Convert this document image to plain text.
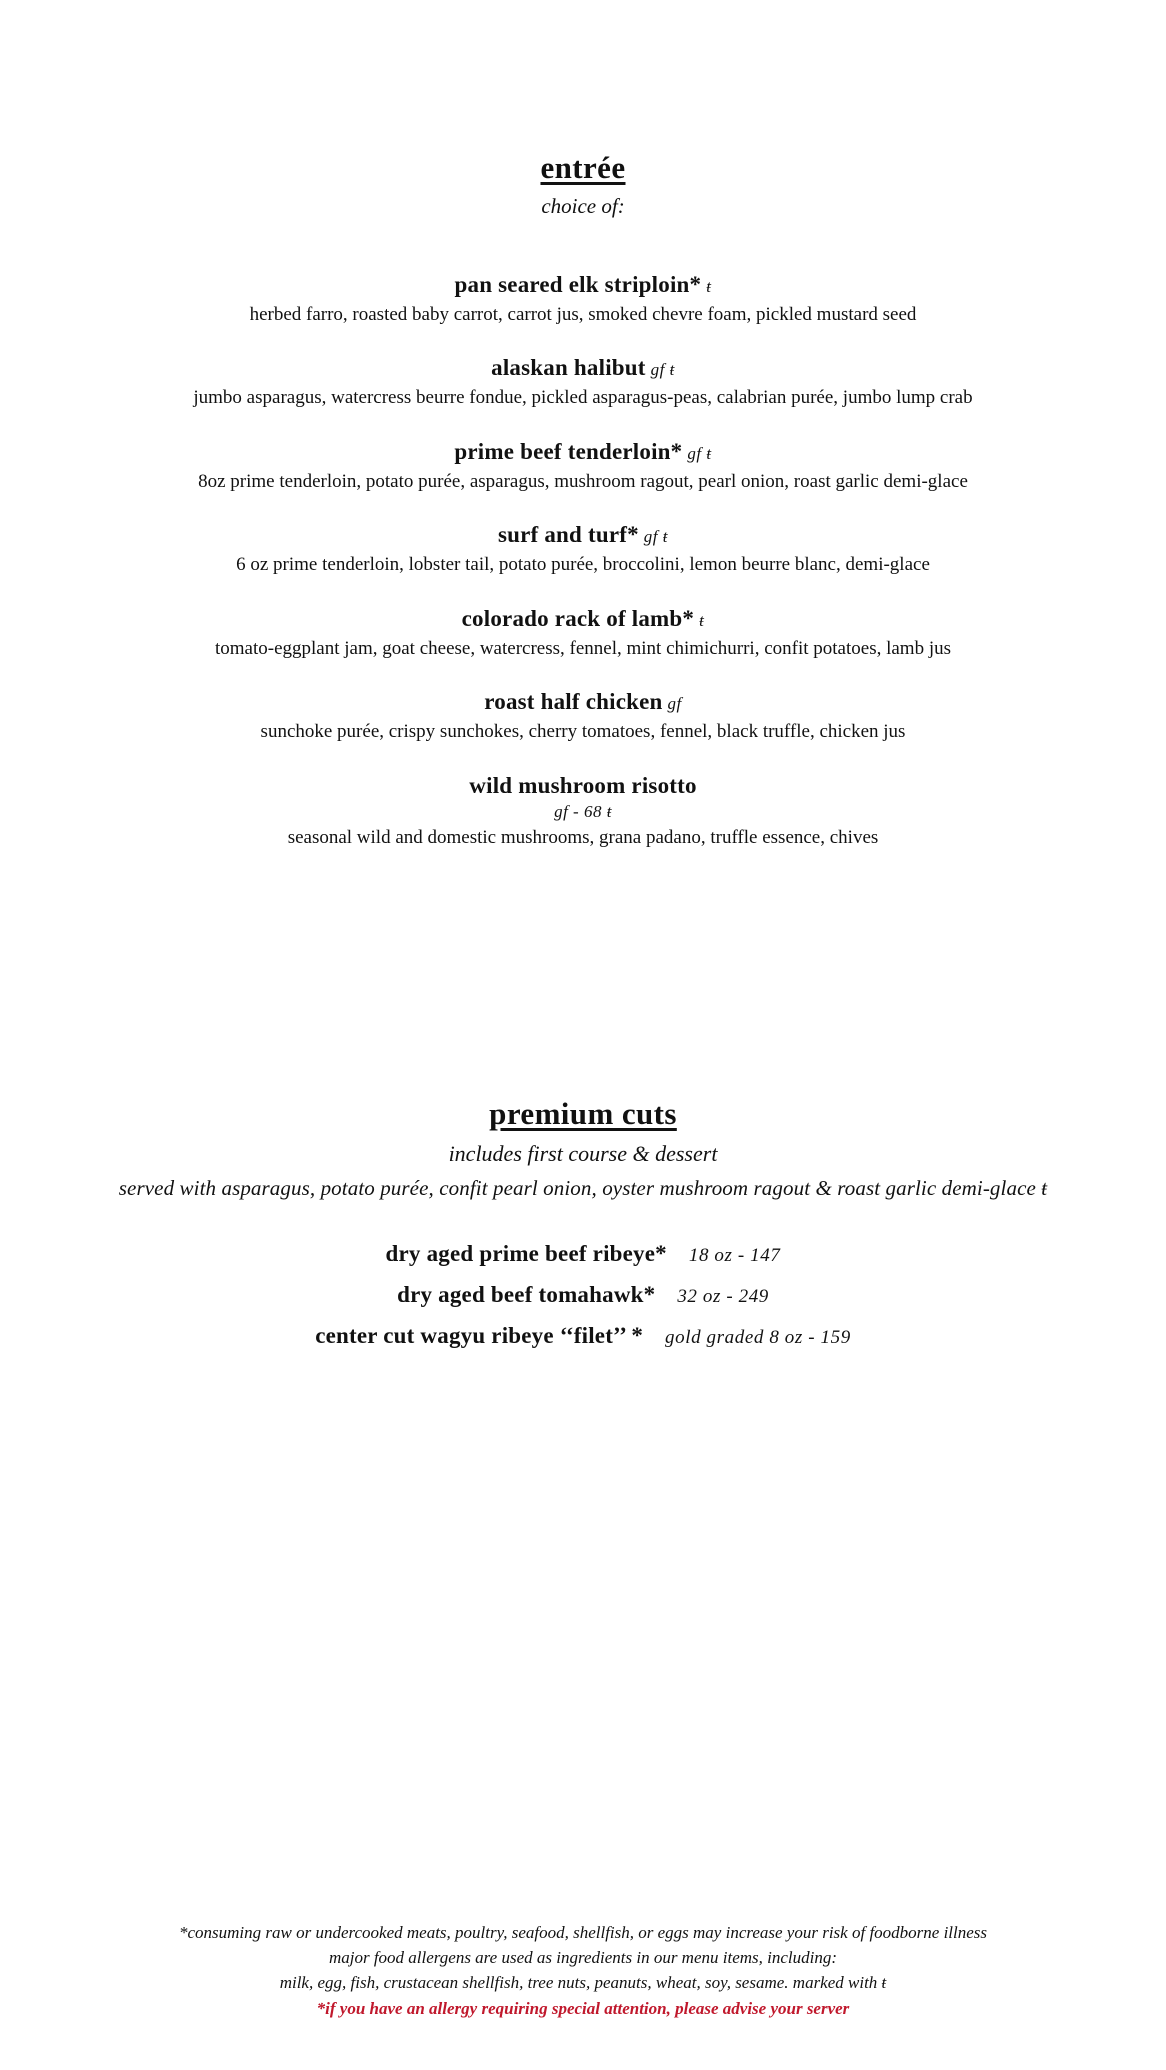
entrée
choice of:
pan seared elk striploin* ŧ
herbed farro, roasted baby carrot, carrot jus, smoked chevre foam, pickled mustard seed
alaskan halibut gf ŧ
jumbo asparagus, watercress beurre fondue, pickled asparagus-peas, calabrian purée, jumbo lump crab
prime beef tenderloin* gf ŧ
8oz prime tenderloin, potato purée, asparagus, mushroom ragout, pearl onion, roast garlic demi-glace
surf and turf* gf ŧ
6 oz prime tenderloin, lobster tail, potato purée, broccolini, lemon beurre blanc, demi-glace
colorado rack of lamb* ŧ
tomato-eggplant jam, goat cheese, watercress, fennel, mint chimichurri, confit potatoes, lamb jus
roast half chicken gf
sunchoke purée, crispy sunchokes, cherry tomatoes, fennel, black truffle, chicken jus
wild mushroom risotto
gf - 68 ŧ
seasonal wild and domestic mushrooms, grana padano, truffle essence, chives
premium cuts
includes first course & dessert
served with asparagus, potato purée, confit pearl onion, oyster mushroom ragout & roast garlic demi-glace ŧ
dry aged prime beef ribeye* 18 oz - 147
dry aged beef tomahawk* 32 oz - 249
center cut wagyu ribeye ‘‘filet’’ * gold graded 8 oz - 159
*consuming raw or undercooked meats, poultry, seafood, shellfish, or eggs may increase your risk of foodborne illness
major food allergens are used as ingredients in our menu items, including:
milk, egg, fish, crustacean shellfish, tree nuts, peanuts, wheat, soy, sesame. marked with ŧ
*if you have an allergy requiring special attention, please advise your server
